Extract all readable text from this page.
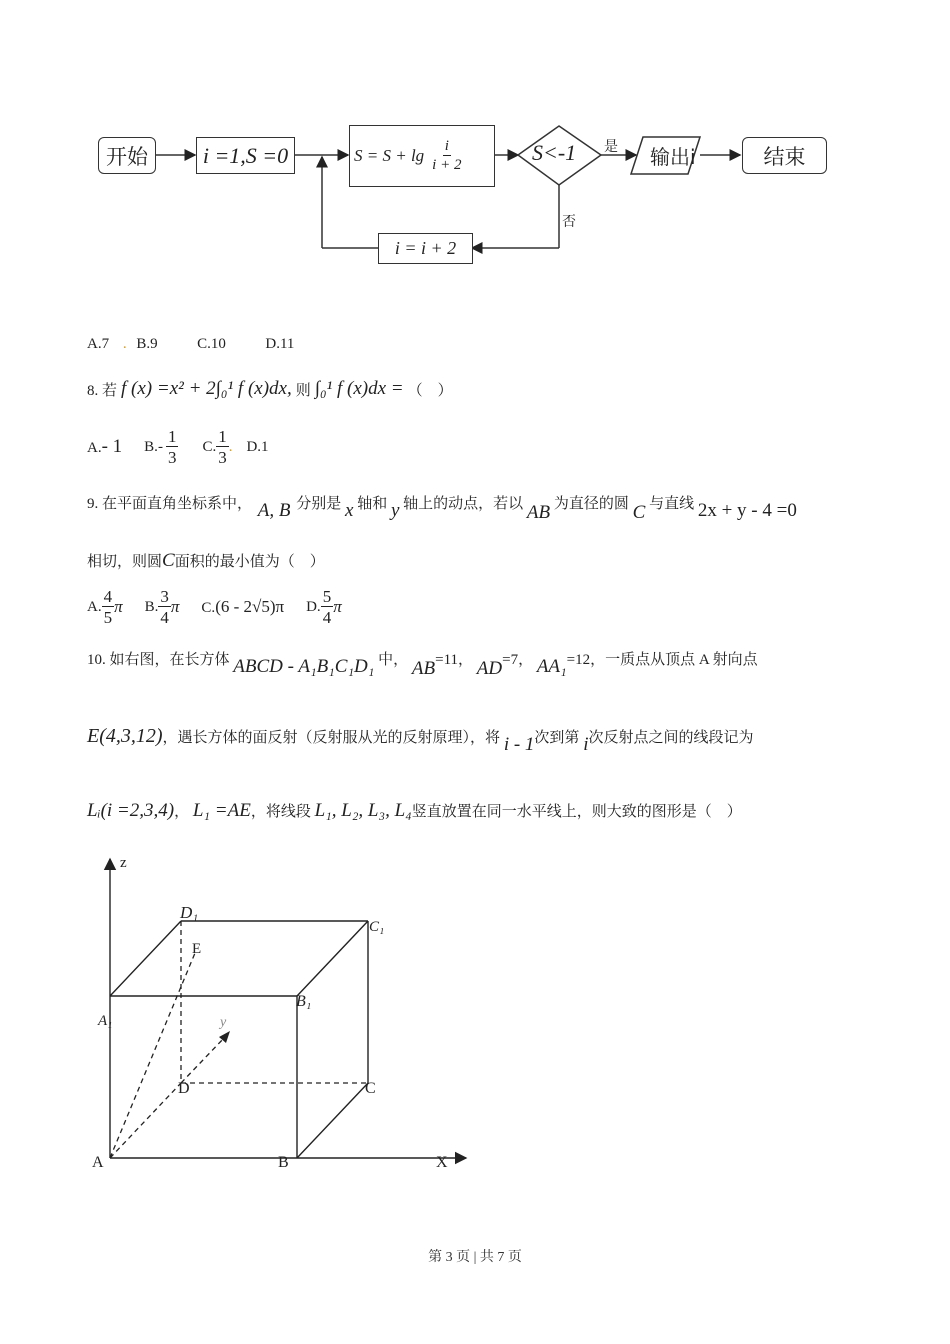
开始 i =1,S =0	$S = S + \lg \frac{i}{i + 2}$	S<-1 是
否
输出i	结束
i = i + 2
A.7 . B.9	C.10	D.11
8. 若 f (x) =x² + 2∫₀¹ f (x)dx, 则 ∫₀¹ f (x)dx = （　）
A.- 1 B. - $\frac{1}{3} C$. $\frac{1}{3}$ . D.1
9. 在平面直角坐标系中， A, B 分别是 x 轴和 y 轴上的动点，若以 AB 为直径的圆 C 与直线 2x + y - 4 =0
相切，则圆C面积的最小值为（　）
A. $\frac{4}{5}$ π B. $\frac{3}{4}$ π C.(6 - 2√5)π D. $\frac{5}{4}$ π
10. 如右图，在长方体 ABCD - A₁B₁C₁D₁ 中， AB=11， AD=7， AA₁=12，一质点从顶点 A 射向点
E(4,3,12)，遇长方体的面反射（反射服从光的反射原理），将 i - 1次到第 i次反射点之间的线段记为
Lᵢ(i =2,3,4)， L₁ =AE，将线段 L₁, L₂, L₃, L₄竖直放置在同一水平线上，则大致的图形是（　）
z
D₁
C₁
E
A₁
B₁
y
D	C
A	B	X
第 3 页 | 共 7 页
